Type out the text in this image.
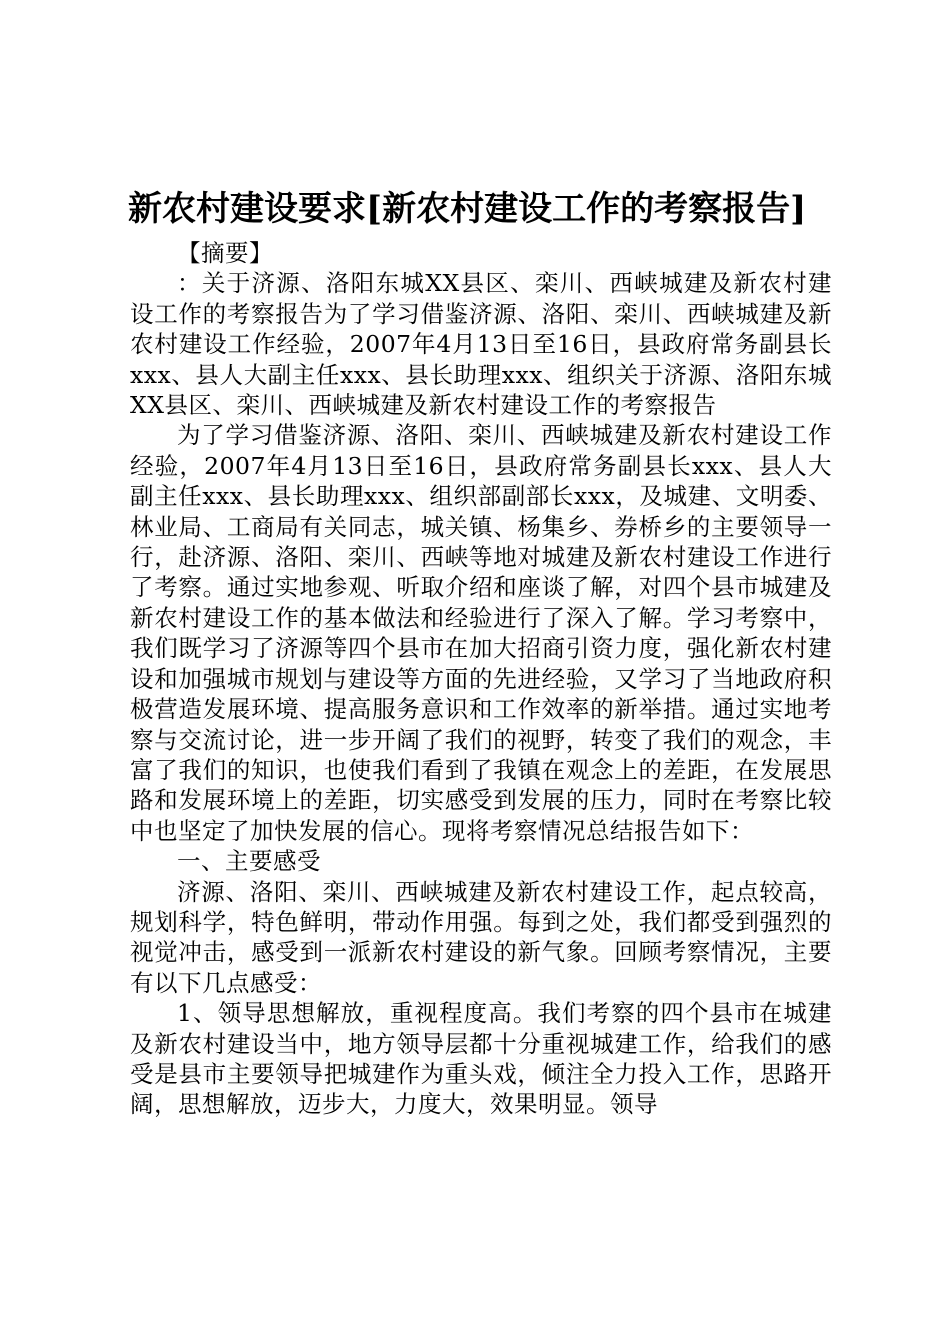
新农村建设要求[新农村建设工作的考察报告]

【摘要】

：关于济源、洛阳东城XX县区、栾川、西峡城建及新农村建设工作的考察报告为了学习借鉴济源、洛阳、栾川、西峡城建及新农村建设工作经验，2007年4月13日至16日，县政府常务副县长xxx、县人大副主任xxx、县长助理xxx、组织关于济源、洛阳东城XX县区、栾川、西峡城建及新农村建设工作的考察报告

为了学习借鉴济源、洛阳、栾川、西峡城建及新农村建设工作经验，2007年4月13日至16日，县政府常务副县长xxx、县人大副主任xxx、县长助理xxx、组织部副部长xxx，及城建、文明委、林业局、工商局有关同志，城关镇、杨集乡、券桥乡的主要领导一行，赴济源、洛阳、栾川、西峡等地对城建及新农村建设工作进行了考察。通过实地参观、听取介绍和座谈了解，对四个县市城建及新农村建设工作的基本做法和经验进行了深入了解。学习考察中，我们既学习了济源等四个县市在加大招商引资力度，强化新农村建设和加强城市规划与建设等方面的先进经验，又学习了当地政府积极营造发展环境、提高服务意识和工作效率的新举措。通过实地考察与交流讨论，进一步开阔了我们的视野，转变了我们的观念，丰富了我们的知识，也使我们看到了我镇在观念上的差距，在发展思路和发展环境上的差距，切实感受到发展的压力，同时在考察比较中也坚定了加快发展的信心。现将考察情况总结报告如下：

一、主要感受

济源、洛阳、栾川、西峡城建及新农村建设工作，起点较高，规划科学，特色鲜明，带动作用强。每到之处，我们都受到强烈的视觉冲击，感受到一派新农村建设的新气象。回顾考察情况，主要有以下几点感受：

1、领导思想解放，重视程度高。我们考察的四个县市在城建及新农村建设当中，地方领导层都十分重视城建工作，给我们的感受是县市主要领导把城建作为重头戏，倾注全力投入工作，思路开阔，思想解放，迈步大，力度大，效果明显。领导
